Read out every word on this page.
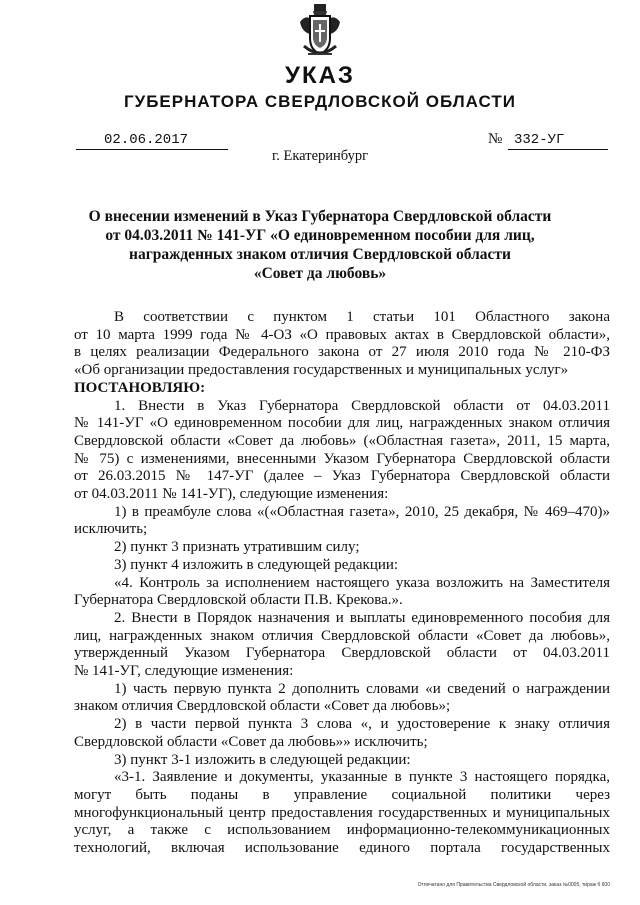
УКАЗ
ГУБЕРНАТОРА СВЕРДЛОВСКОЙ ОБЛАСТИ
02.06.2017	№ 332-УГ
г. Екатеринбург
О внесении изменений в Указ Губернатора Свердловской области
от 04.03.2011 № 141-УГ «О единовременном пособии для лиц,
награжденных знаком отличия Свердловской области
«Совет да любовь»

В соответствии с пунктом 1 статьи 101 Областного закона
от 10 марта 1999 года № 4-ОЗ «О правовых актах в Свердловской области»,
в целях реализации Федерального закона от 27 июля 2010 года № 210-ФЗ
«Об организации предоставления государственных и муниципальных услуг»

ПОСТАНОВЛЯЮ:

1. Внести в Указ Губернатора Свердловской области от 04.03.2011
№ 141-УГ «О единовременном пособии для лиц, награжденных знаком отличия
Свердловской области «Совет да любовь» («Областная газета», 2011, 15 марта,
№ 75) с изменениями, внесенными Указом Губернатора Свердловской области
от 26.03.2015 № 147-УГ (далее – Указ Губернатора Свердловской области
от 04.03.2011 № 141-УГ), следующие изменения:

1) в преамбуле слова «(«Областная газета», 2010, 25 декабря, № 469–470)»
исключить;

2) пункт 3 признать утратившим силу;

3) пункт 4 изложить в следующей редакции:

«4. Контроль за исполнением настоящего указа возложить на Заместителя
Губернатора Свердловской области П.В. Крекова.».

2. Внести в Порядок назначения и выплаты единовременного пособия для
лиц, награжденных знаком отличия Свердловской области «Совет да любовь»,
утвержденный Указом Губернатора Свердловской области от 04.03.2011
№ 141-УГ, следующие изменения:

1) часть первую пункта 2 дополнить словами «и сведений о награждении
знаком отличия Свердловской области «Совет да любовь»;

2) в части первой пункта 3 слова «, и удостоверение к знаку отличия
Свердловской области «Совет да любовь»» исключить;

3) пункт 3-1 изложить в следующей редакции:

«3-1. Заявление и документы, указанные в пункте 3 настоящего порядка,
могут быть поданы в управление социальной политики через
многофункциональный центр предоставления государственных и муниципальных
услуг, а также с использованием информационно-телекоммуникационных
технологий, включая использование единого портала государственных

Отпечатано для Правительства Свердловской области, заказ №0005, тираж б 600
